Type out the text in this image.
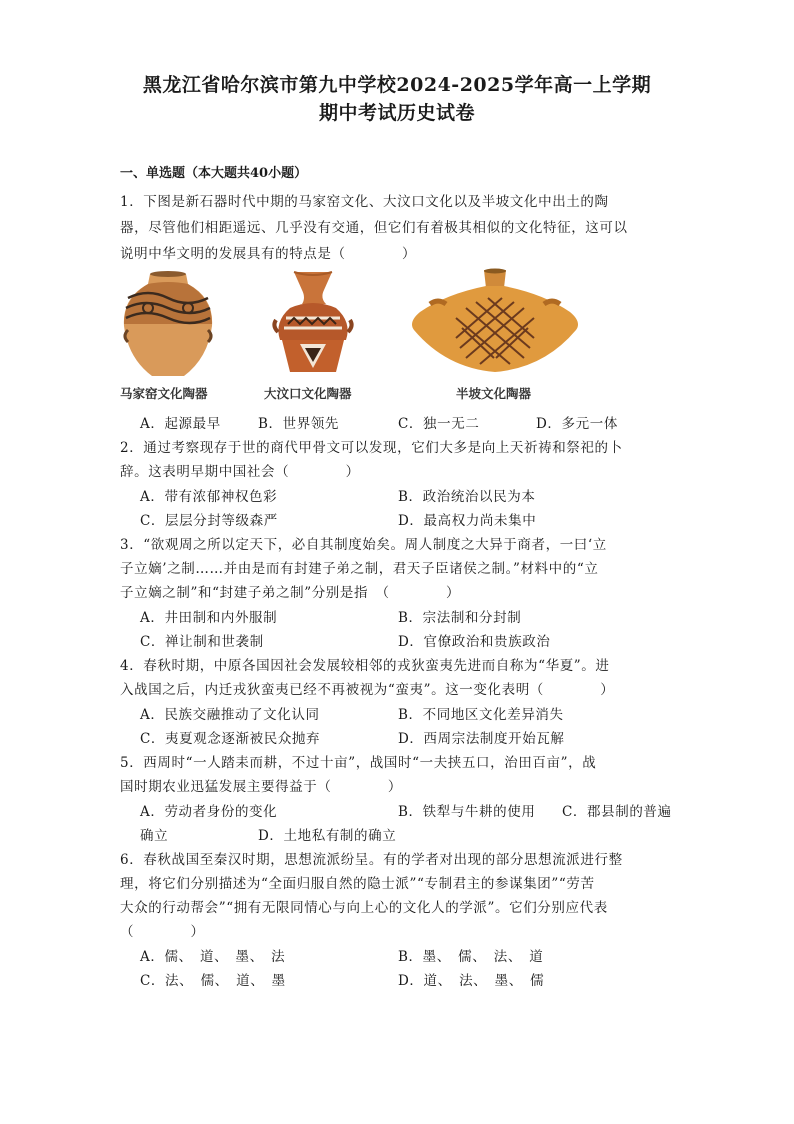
黑龙江省哈尔滨市第九中学校2024-2025学年高一上学期
期中考试历史试卷
一、单选题（本大题共40小题）
1．下图是新石器时代中期的马家窑文化、大汶口文化以及半坡文化中出土的陶
器，尽管他们相距遥远、几乎没有交通，但它们有着极其相似的文化特征，这可以
说明中华文明的发展具有的特点是（　　　　）
马家窑文化陶器	大汶口文化陶器	半坡文化陶器
A．起源最早	B．世界领先	C．独一无二	D．多元一体
2．通过考察现存于世的商代甲骨文可以发现，它们大多是向上天祈祷和祭祀的卜
辞。这表明早期中国社会（　　　　）
A．带有浓郁神权色彩	B．政治统治以民为本
C．层层分封等级森严	D．最高权力尚未集中
3．“欲观周之所以定天下，必自其制度始矣。周人制度之大异于商者，一曰‘立
子立嫡’之制……并由是而有封建子弟之制，君天子臣诸侯之制。”材料中的“立
子立嫡之制”和“封建子弟之制”分别是指　（　　　　）
A．井田制和内外服制	B．宗法制和分封制
C．禅让制和世袭制	D．官僚政治和贵族政治
4．春秋时期，中原各国因社会发展较相邻的戎狄蛮夷先进而自称为“华夏”。进
入战国之后，内迁戎狄蛮夷已经不再被视为“蛮夷”。这一变化表明（　　　　）
A．民族交融推动了文化认同	B．不同地区文化差异消失
C．夷夏观念逐渐被民众抛弃	D．西周宗法制度开始瓦解
5．西周时“一人踏耒而耕，不过十亩”，战国时“一夫挟五口，治田百亩”，战
国时期农业迅猛发展主要得益于（　　　　）
A．劳动者身份的变化	B．铁犁与牛耕的使用 C．郡县制的普遍
确立	D．土地私有制的确立
6．春秋战国至秦汉时期，思想流派纷呈。有的学者对出现的部分思想流派进行整
理，将它们分别描述为“全面归服自然的隐士派”“专制君主的参谋集团”“劳苦
大众的行动帮会”“拥有无限同情心与向上心的文化人的学派”。它们分别应代表
（　　　　）
A．儒、　道、　墨、　法	B．墨、　儒、　法、　道
C．法、　儒、　道、　墨	D．道、　法、　墨、　儒
